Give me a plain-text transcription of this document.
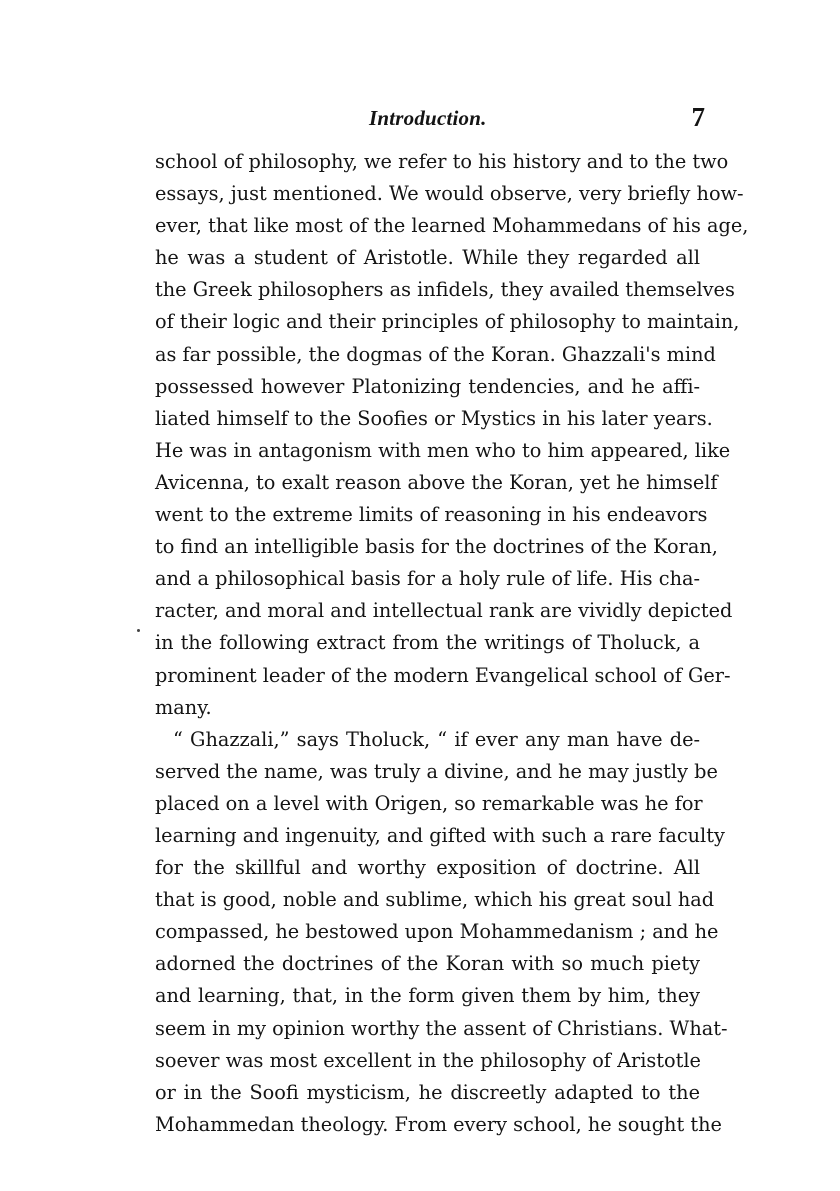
Introduction.	7
school of philosophy, we refer to his history and to the two
essays, just mentioned. We would observe, very briefly how-
ever, that like most of the learned Mohammedans of his age,
he was a student of Aristotle. While they regarded all
the Greek philosophers as infidels, they availed themselves
of their logic and their principles of philosophy to maintain,
as far possible, the dogmas of the Koran. Ghazzali's mind
possessed however Platonizing tendencies, and he affi-
liated himself to the Soofies or Mystics in his later years.
He was in antagonism with men who to him appeared, like
Avicenna, to exalt reason above the Koran, yet he himself
went to the extreme limits of reasoning in his endeavors
to find an intelligible basis for the doctrines of the Koran,
and a philosophical basis for a holy rule of life. His cha-
racter, and moral and intellectual rank are vividly depicted
in the following extract from the writings of Tholuck, a
prominent leader of the modern Evangelical school of Ger-
many.
“ Ghazzali,” says Tholuck, “ if ever any man have de-
served the name, was truly a divine, and he may justly be
placed on a level with Origen, so remarkable was he for
learning and ingenuity, and gifted with such a rare faculty
for the skillful and worthy exposition of doctrine. All
that is good, noble and sublime, which his great soul had
compassed, he bestowed upon Mohammedanism ; and he
adorned the doctrines of the Koran with so much piety
and learning, that, in the form given them by him, they
seem in my opinion worthy the assent of Christians. What-
soever was most excellent in the philosophy of Aristotle
or in the Soofi mysticism, he discreetly adapted to the
Mohammedan theology. From every school, he sought the
